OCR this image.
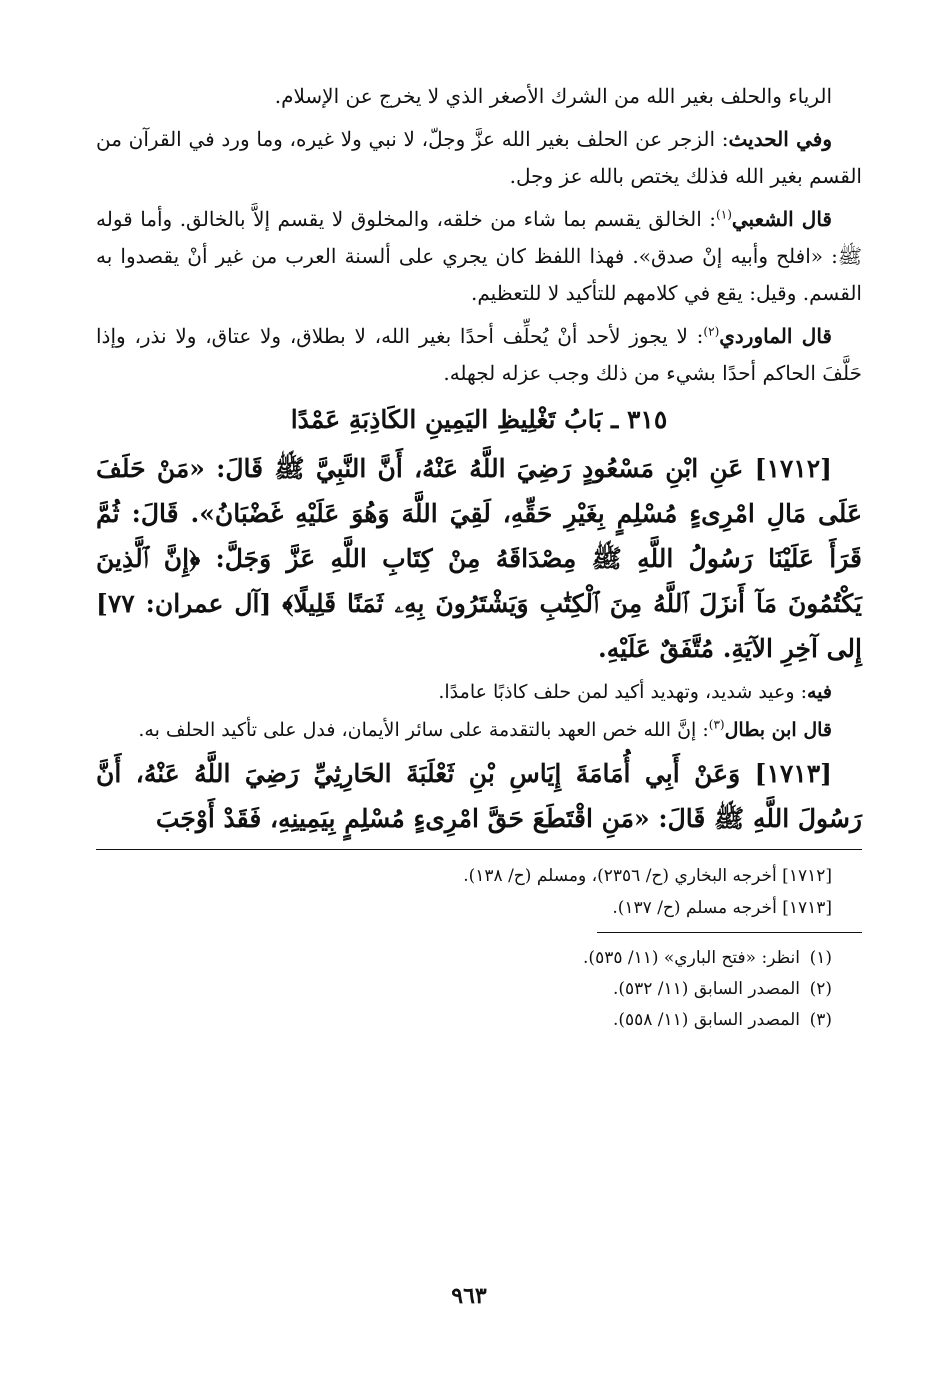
الرياء والحلف بغير الله من الشرك الأصغر الذي لا يخرج عن الإسلام.

وفي الحديث: الزجر عن الحلف بغير الله عزَّ وجلّ، لا نبي ولا غيره، وما ورد في القرآن من القسم بغير الله فذلك يختص بالله عز وجل.

قال الشعبي$^{(١)}$: الخالق يقسم بما شاء من خلقه، والمخلوق لا يقسم إلاَّ بالخالق. وأما قوله ﷺ: «افلح وأبيه إنْ صدق». فهذا اللفظ كان يجري على ألسنة العرب من غير أنْ يقصدوا به القسم. وقيل: يقع في كلامهم للتأكيد لا للتعظيم.

قال الماوردي$^{(٢)}$: لا يجوز لأحد أنْ يُحلِّف أحدًا بغير الله، لا بطلاق، ولا عتاق، ولا نذر، وإذا حَلَّفَ الحاكم أحدًا بشيء من ذلك وجب عزله لجهله.

٣١٥ ـ بَابُ تَغْلِيظِ اليَمِينِ الكَاذِبَةِ عَمْدًا

[١٧١٢] عَنِ ابْنِ مَسْعُودٍ رَضِيَ اللَّهُ عَنْهُ، أَنَّ النَّبِيَّ ﷺ قَالَ: «مَنْ حَلَفَ عَلَى مَالِ امْرِىءٍ مُسْلِمٍ بِغَيْرِ حَقِّهِ، لَقِيَ اللَّهَ وَهُوَ عَلَيْهِ غَضْبَانُ». قَالَ: ثُمَّ قَرَأَ عَلَيْنَا رَسُولُ اللَّهِ ﷺ مِصْدَاقَهُ مِنْ كِتَابِ اللَّهِ عَزَّ وَجَلَّ: ﴿إِنَّ ٱلَّذِينَ يَكْتُمُونَ مَآ أَنزَلَ ٱللَّهُ مِنَ ٱلْكِتَٰبِ وَيَشْتَرُونَ بِهِۦ ثَمَنًا قَلِيلًا﴾ [آل عمران: ٧٧] إِلى آخِرِ الآيَةِ. مُتَّفَقٌ عَلَيْهِ.

فيه: وعيد شديد، وتهديد أكيد لمن حلف كاذبًا عامدًا.

قال ابن بطال$^{(٣)}$: إنَّ الله خص العهد بالتقدمة على سائر الأيمان، فدل على تأكيد الحلف به.

[١٧١٣] وَعَنْ أَبِي أُمَامَةَ إِيَاسِ بْنِ ثَعْلَبَةَ الحَارِثِيِّ رَضِيَ اللَّهُ عَنْهُ، أَنَّ رَسُولَ اللَّهِ ﷺ قَالَ: «مَنِ اقْتَطَعَ حَقَّ امْرِىءٍ مُسْلِمٍ بِيَمِينِهِ، فَقَدْ أَوْجَبَ

[١٧١٢] أخرجه البخاري (ح/ ٢٣٥٦)، ومسلم (ح/ ١٣٨).

[١٧١٣] أخرجه مسلم (ح/ ١٣٧).

(١)انظر: «فتح الباري» (١١/ ٥٣٥).

(٢)المصدر السابق (١١/ ٥٣٢).

(٣)المصدر السابق (١١/ ٥٥٨).

٩٦٣
